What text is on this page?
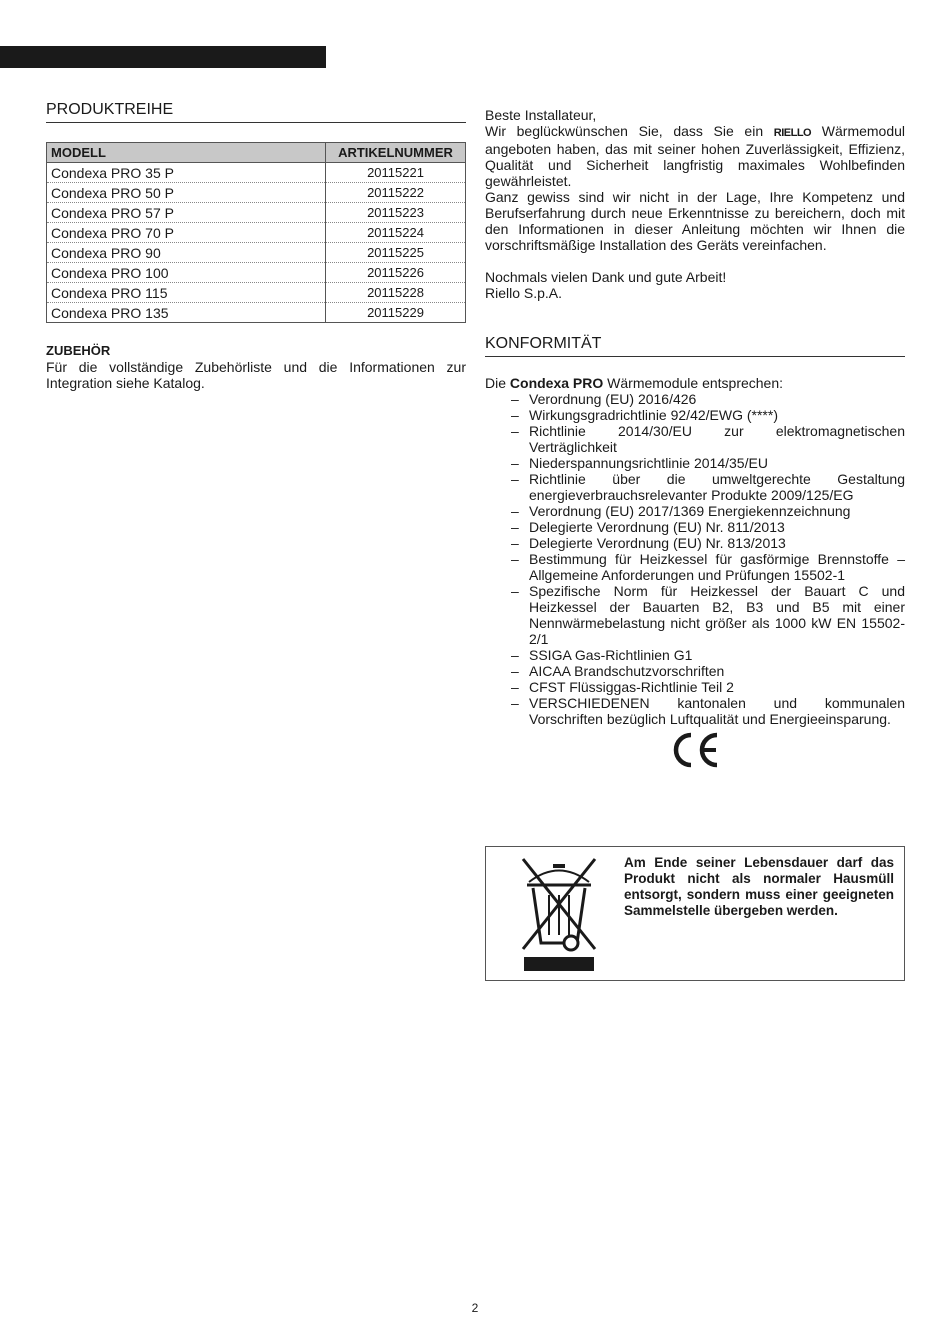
PRODUKTREIHE
MODELL	ARTIKELNUMMER
Condexa PRO 35 P	20115221
Condexa PRO 50 P	20115222
Condexa PRO 57 P	20115223
Condexa PRO 70 P	20115224
Condexa PRO 90	20115225
Condexa PRO 100	20115226
Condexa PRO 115	20115228
Condexa PRO 135	20115229
ZUBEHÖR
Für die vollständige Zubehörliste und die Informationen zur Integration siehe Katalog.

Beste Installateur,

Wir beglückwünschen Sie, dass Sie ein RIELLO Wärmemodul angeboten haben, das mit seiner hohen Zuverlässigkeit, Effizienz, Qualität und Sicherheit langfristig maximales Wohlbefinden gewährleistet.

Ganz gewiss sind wir nicht in der Lage, Ihre Kompetenz und Berufserfahrung durch neue Erkenntnisse zu bereichern, doch mit den Informationen in dieser Anleitung möchten wir Ihnen die vorschriftsmäßige Installation des Geräts vereinfachen.

Nochmals vielen Dank und gute Arbeit!

Riello S.p.A.

KONFORMITÄT
Die Condexa PRO Wärmemodule entsprechen:
– Verordnung (EU) 2016/426
– Wirkungsgradrichtlinie 92/42/EWG (****)
– Richtlinie 2014/30/EU zur elektromagnetischen Verträglichkeit
– Niederspannungsrichtlinie 2014/35/EU
– Richtlinie über die umweltgerechte Gestaltung energieverbrauchsrelevanter Produkte 2009/125/EG
– Verordnung (EU) 2017/1369 Energiekennzeichnung
– Delegierte Verordnung (EU) Nr. 811/2013
– Delegierte Verordnung (EU) Nr. 813/2013
– Bestimmung für Heizkessel für gasförmige Brennstoffe – Allgemeine Anforderungen und Prüfungen 15502-1
– Spezifische Norm für Heizkessel der Bauart C und Heizkessel der Bauarten B2, B3 und B5 mit einer Nennwärmebelastung nicht größer als 1000 kW EN 15502-2/1
– SSIGA Gas-Richtlinien G1
– AICAA Brandschutzvorschriften
– CFST Flüssiggas-Richtlinie Teil 2
– VERSCHIEDENEN kantonalen und kommunalen Vorschriften bezüglich Luftqualität und Energieeinsparung.
Am Ende seiner Lebensdauer darf das Produkt nicht als normaler Hausmüll entsorgt, sondern muss einer geeigneten Sammelstelle übergeben werden.
2
